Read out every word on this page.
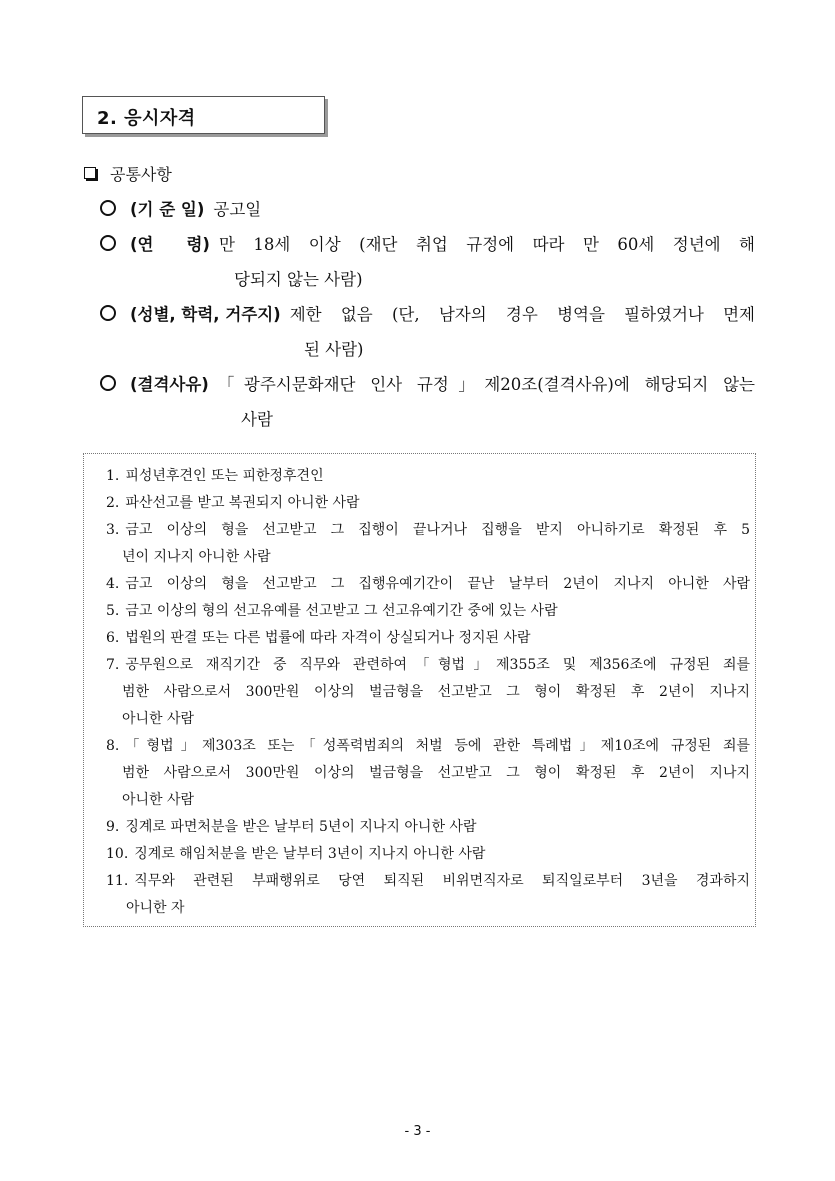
2. 응시자격
공통사항
(기 준 일) 공고일
(연　　령) 만 18세 이상 (재단 취업 규정에 따라 만 60세 정년에 해
당되지 않는 사람)
(성별, 학력, 거주지) 제한 없음 (단, 남자의 경우 병역을 필하였거나 면제
된 사람)
(결격사유) 「광주시문화재단 인사 규정」제20조(결격사유)에 해당되지 않는
사람
1. 피성년후견인 또는 피한정후견인
2. 파산선고를 받고 복권되지 아니한 사람
3. 금고 이상의 형을 선고받고 그 집행이 끝나거나 집행을 받지 아니하기로 확정된 후 5
년이 지나지 아니한 사람
4. 금고 이상의 형을 선고받고 그 집행유예기간이 끝난 날부터 2년이 지나지 아니한 사람
5. 금고 이상의 형의 선고유예를 선고받고 그 선고유예기간 중에 있는 사람
6. 법원의 판결 또는 다른 법률에 따라 자격이 상실되거나 정지된 사람
7. 공무원으로 재직기간 중 직무와 관련하여「형법」제355조 및 제356조에 규정된 죄를
범한 사람으로서 300만원 이상의 벌금형을 선고받고 그 형이 확정된 후 2년이 지나지
아니한 사람
8. 「형법」제303조 또는「성폭력범죄의 처벌 등에 관한 특례법」제10조에 규정된 죄를
범한 사람으로서 300만원 이상의 벌금형을 선고받고 그 형이 확정된 후 2년이 지나지
아니한 사람
9. 징계로 파면처분을 받은 날부터 5년이 지나지 아니한 사람
10. 징계로 해임처분을 받은 날부터 3년이 지나지 아니한 사람
11. 직무와 관련된 부패행위로 당연 퇴직된 비위면직자로 퇴직일로부터 3년을 경과하지
아니한 자
- 3 -
